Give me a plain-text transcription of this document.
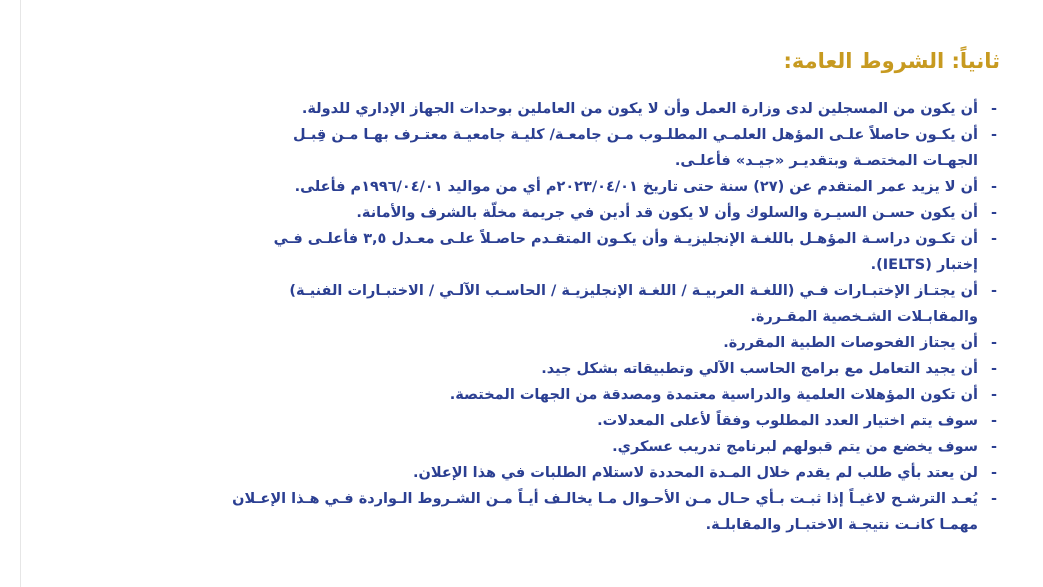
ثانياً: الشروط العامة:
-
أن يكون من المسجلين لدى وزارة العمل وأن لا يكون من العاملين بوحدات الجهاز الإداري للدولة.
-
أن يكـون حاصلاً علـى المؤهل العلمـي المطلـوب مـن جامعـة/ كليـة جامعيـة معتـرف بهـا مـن قِبـل
الجهـات المختصـة وبتقديـر «جيـد» فأعلـى.
-
أن لا يزيد عمر المتقدم عن (٢٧) سنة حتى تاريخ ٢٠٢٣/٠٤/٠١م أي من مواليد ١٩٩٦/٠٤/٠١م فأعلى.
-
أن يكون حسـن السيـرة والسلوك وأن لا يكون قد أدين في جريمة مخلّة بالشرف والأمانة.
-
أن تكـون دراسـة المؤهـل باللغـة الإنجليزيـة وأن يكـون المتقـدم حاصـلاً علـى معـدل ٣,٥ فأعلـى فـي
إختبار (IELTS).
-
أن يجتـاز الإختبـارات فـي (اللغـة العربيـة / اللغـة الإنجليزيـة / الحاسـب الآلـي / الاختبـارات الفنيـة)
والمقابـلات الشـخصية المقـررة.
-
أن يجتاز الفحوصات الطبية المقررة.
-
أن يجيد التعامل مع برامج الحاسب الآلي وتطبيقاته بشكل جيد.
-
أن تكون المؤهلات العلمية والدراسية معتمدة ومصدقة من الجهات المختصة.
-
سوف يتم اختيار العدد المطلوب وفقاً لأعلى المعدلات.
-
سوف يخضع من يتم قبولهم لبرنامج تدريب عسكري.
-
لن يعتد بأي طلب لم يقدم خلال المـدة المحددة لاستلام الطلبات في هذا الإعلان.
-
يُعـد الترشـح لاغيـاً إذا ثبـت بـأي حـال مـن الأحـوال مـا يخالـف أيـاً مـن الشـروط الـواردة فـي هـذا الإعـلان
مهمـا كانـت نتيجـة الاختبـار والمقابلـة.
